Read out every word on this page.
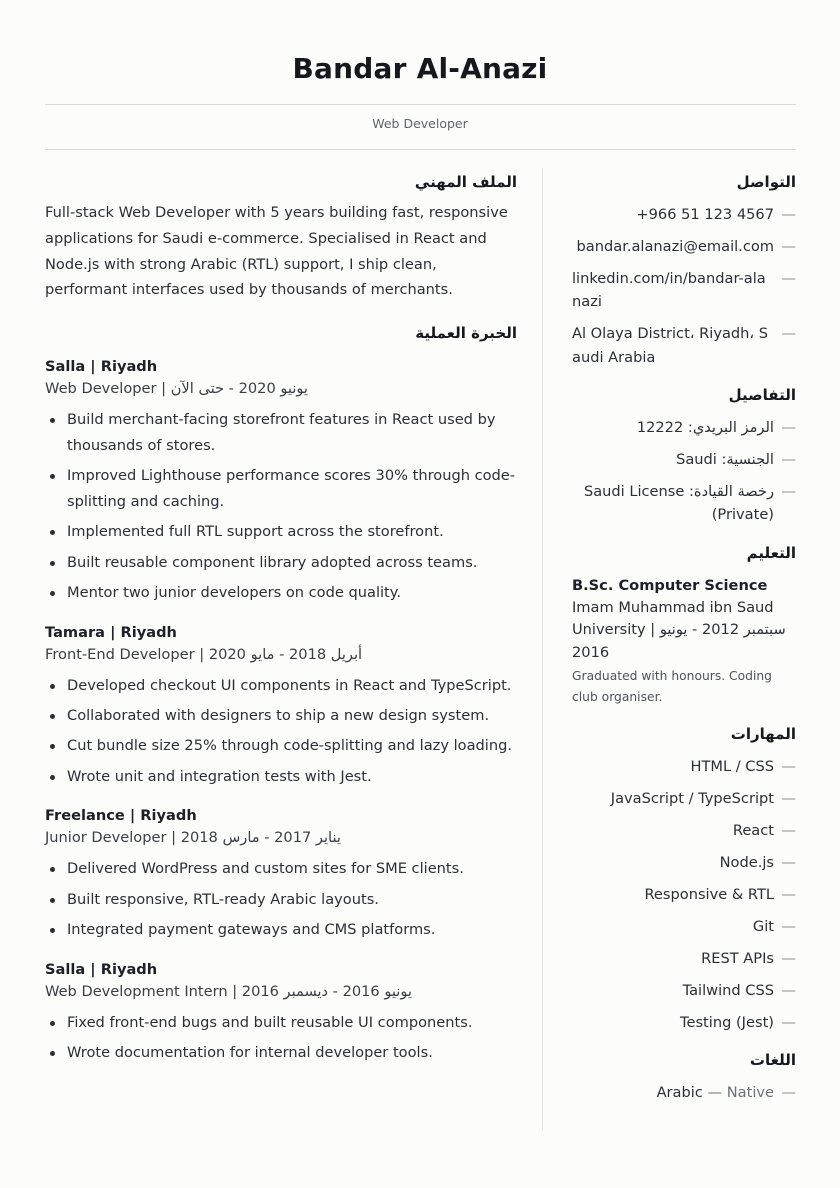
Bandar Al-Anazi
Web Developer
الملف المهني

Full-stack Web Developer with 5 years building fast, responsive applications for Saudi e-commerce. Specialised in React and Node.js with strong Arabic (RTL) support, I ship clean, performant interfaces used by thousands of merchants.

الخبرة العملية
Salla | Riyadh
Web Developer | يونيو 2020 - حتى الآن
Build merchant-facing storefront features in React used by thousands of stores.
Improved Lighthouse performance scores 30% through code-splitting and caching.
Implemented full RTL support across the storefront.
Built reusable component library adopted across teams.
Mentor two junior developers on code quality.
Tamara | Riyadh
Front-End Developer | أبريل 2018 - مايو 2020
Developed checkout UI components in React and TypeScript.
Collaborated with designers to ship a new design system.
Cut bundle size 25% through code-splitting and lazy loading.
Wrote unit and integration tests with Jest.
Freelance | Riyadh
Junior Developer | يناير 2017 - مارس 2018
Delivered WordPress and custom sites for SME clients.
Built responsive, RTL-ready Arabic layouts.
Integrated payment gateways and CMS platforms.
Salla | Riyadh
Web Development Intern | يونيو 2016 - ديسمبر 2016
Fixed front-end bugs and built reusable UI components.
Wrote documentation for internal developer tools.
التواصل
+966 51 123 4567 —
bandar.alanazi@email.com —
linkedin.com/in/bandar-alanazi
—
Al Olaya District، Riyadh، Saudi Arabia
—
التفاصيل
الرمز البريدي: 12222 —
الجنسية: Saudi —
رخصة القيادة: Saudi License (Private)
—
التعليم
B.Sc. Computer Science
Imam Muhammad ibn Saud University | سبتمبر 2012 - يونيو 2016
Graduated with honours. Coding club organiser.
المهارات
HTML / CSS —
JavaScript / TypeScript —
React —
Node.js —
Responsive & RTL —
Git —
REST APIs —
Tailwind CSS —
Testing (Jest) —
اللغات
Arabic — Native —
